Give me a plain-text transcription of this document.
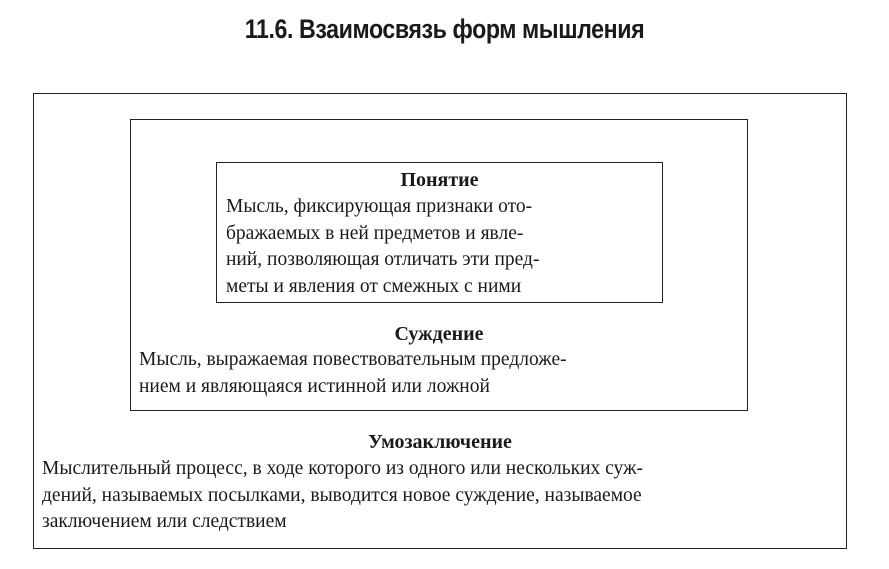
11.6. Взаимосвязь форм мышления
Понятие
Мысль, фиксирующая признаки ото-
бражаемых в ней предметов и явле-
ний, позволяющая отличать эти пред-
меты и явления от смежных с ними
Суждение
Мысль, выражаемая повествовательным предложе-
нием и являющаяся истинной или ложной
Умозаключение
Мыслительный процесс, в ходе которого из одного или нескольких суж-
дений, называемых посылками, выводится новое суждение, называемое
заключением или следствием
